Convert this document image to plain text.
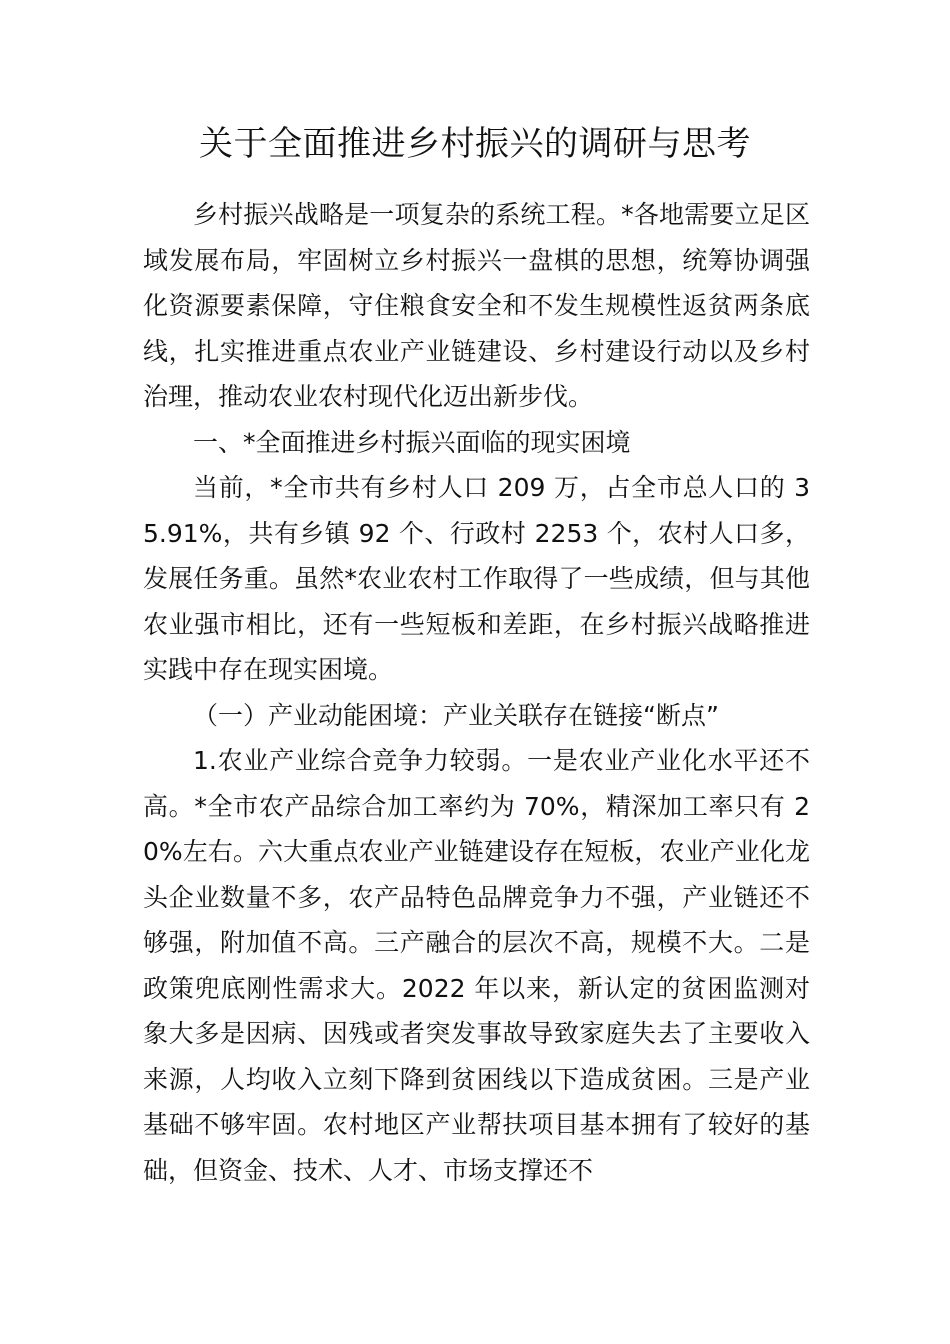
关于全面推进乡村振兴的调研与思考

乡村振兴战略是一项复杂的系统工程。*各地需要立足区域发展布局，牢固树立乡村振兴一盘棋的思想，统筹协调强化资源要素保障，守住粮食安全和不发生规模性返贫两条底线，扎实推进重点农业产业链建设、乡村建设行动以及乡村治理，推动农业农村现代化迈出新步伐。

一、*全面推进乡村振兴面临的现实困境

当前，*全市共有乡村人口 209 万，占全市总人口的 35.91%，共有乡镇 92 个、行政村 2253 个，农村人口多，发展任务重。虽然*农业农村工作取得了一些成绩，但与其他农业强市相比，还有一些短板和差距，在乡村振兴战略推进实践中存在现实困境。

（一）产业动能困境：产业关联存在链接“断点”

1.农业产业综合竞争力较弱。一是农业产业化水平还不高。*全市农产品综合加工率约为 70%，精深加工率只有 20%左右。六大重点农业产业链建设存在短板，农业产业化龙头企业数量不多，农产品特色品牌竞争力不强，产业链还不够强，附加值不高。三产融合的层次不高，规模不大。二是政策兜底刚性需求大。2022 年以来，新认定的贫困监测对象大多是因病、因残或者突发事故导致家庭失去了主要收入来源，人均收入立刻下降到贫困线以下造成贫困。三是产业基础不够牢固。农村地区产业帮扶项目基本拥有了较好的基础，但资金、技术、人才、市场支撑还不
